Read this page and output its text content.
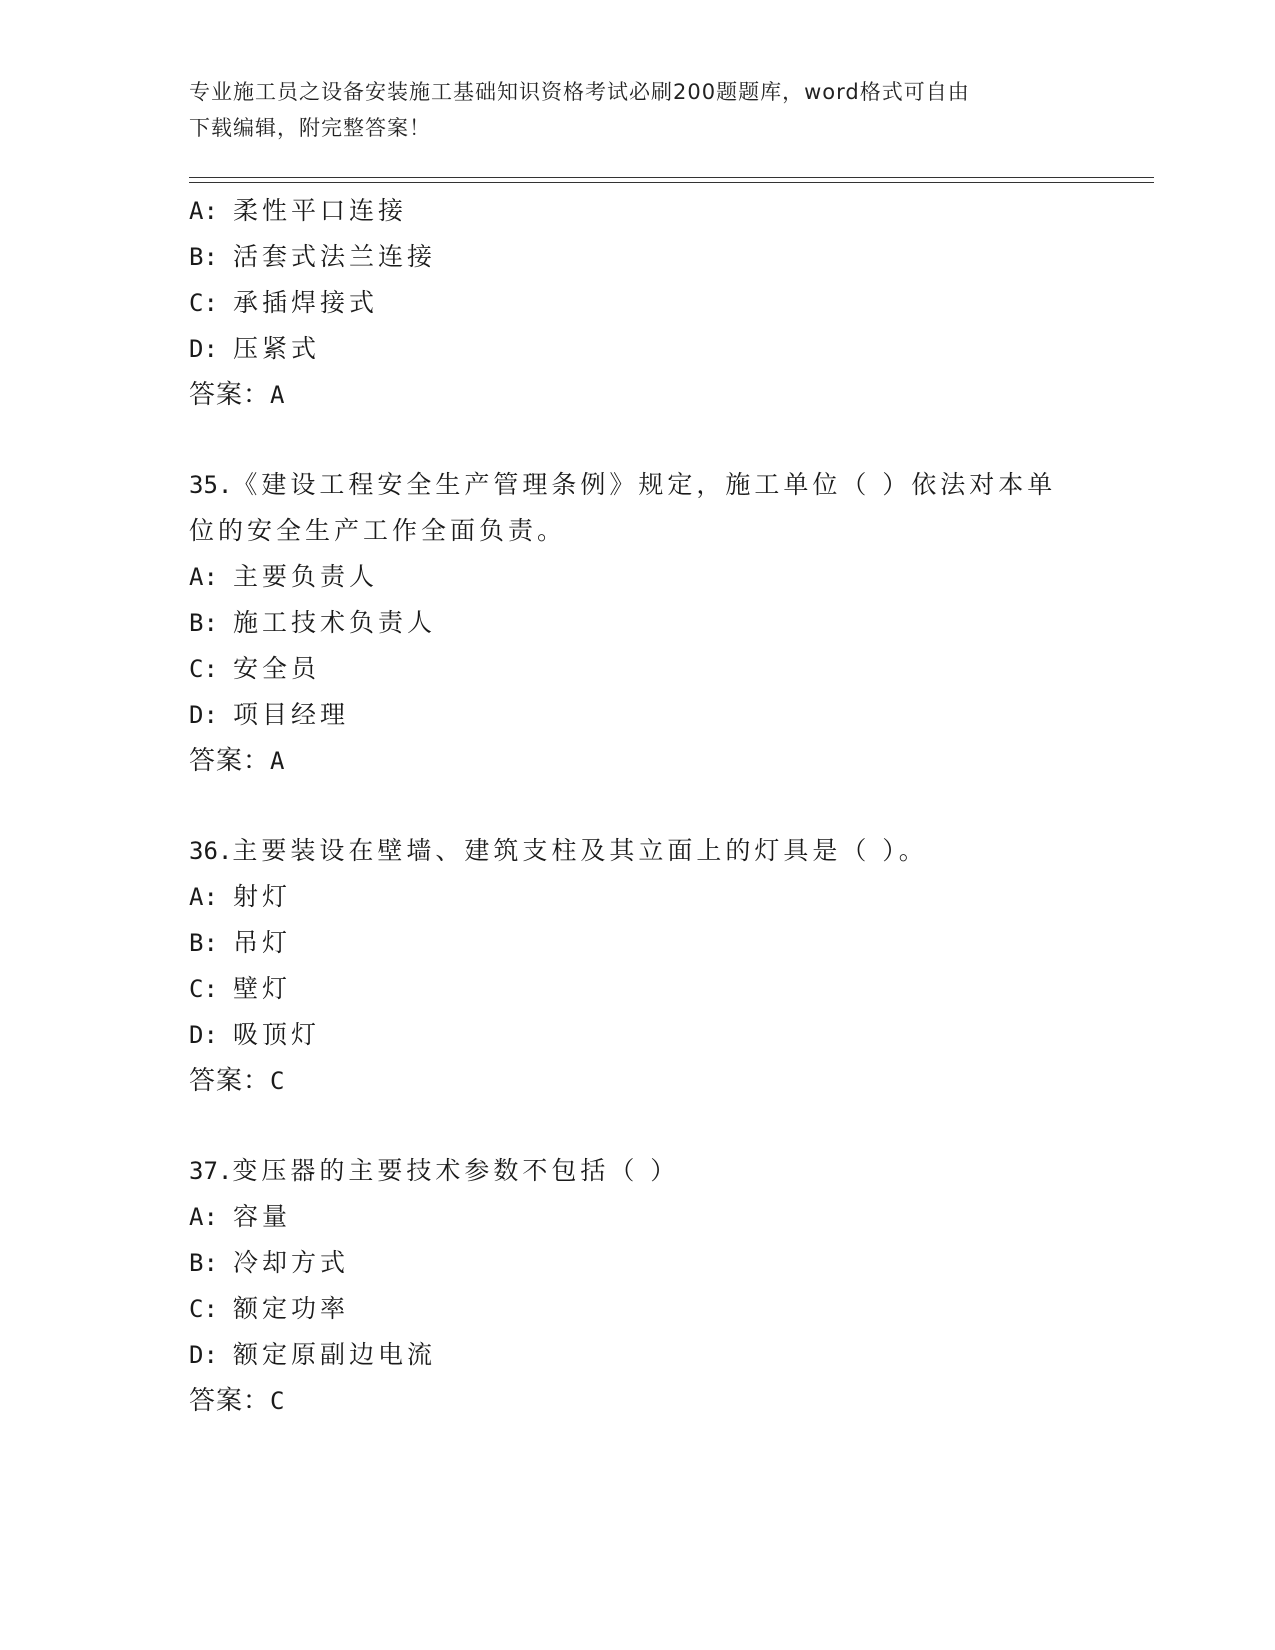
专业施工员之设备安装施工基础知识资格考试必刷200题题库，word格式可自由
下载编辑，附完整答案！
A: 柔性平口连接
B: 活套式法兰连接
C: 承插焊接式
D: 压紧式
答案：A
35.《建设工程安全生产管理条例》规定，施工单位（ ）依法对本单
位的安全生产工作全面负责。
A: 主要负责人
B: 施工技术负责人
C: 安全员
D: 项目经理
答案：A
36.主要装设在壁墙、建筑支柱及其立面上的灯具是（ ）。
A: 射灯
B: 吊灯
C: 壁灯
D: 吸顶灯
答案：C
37.变压器的主要技术参数不包括（ ）
A: 容量
B: 冷却方式
C: 额定功率
D: 额定原副边电流
答案：C
